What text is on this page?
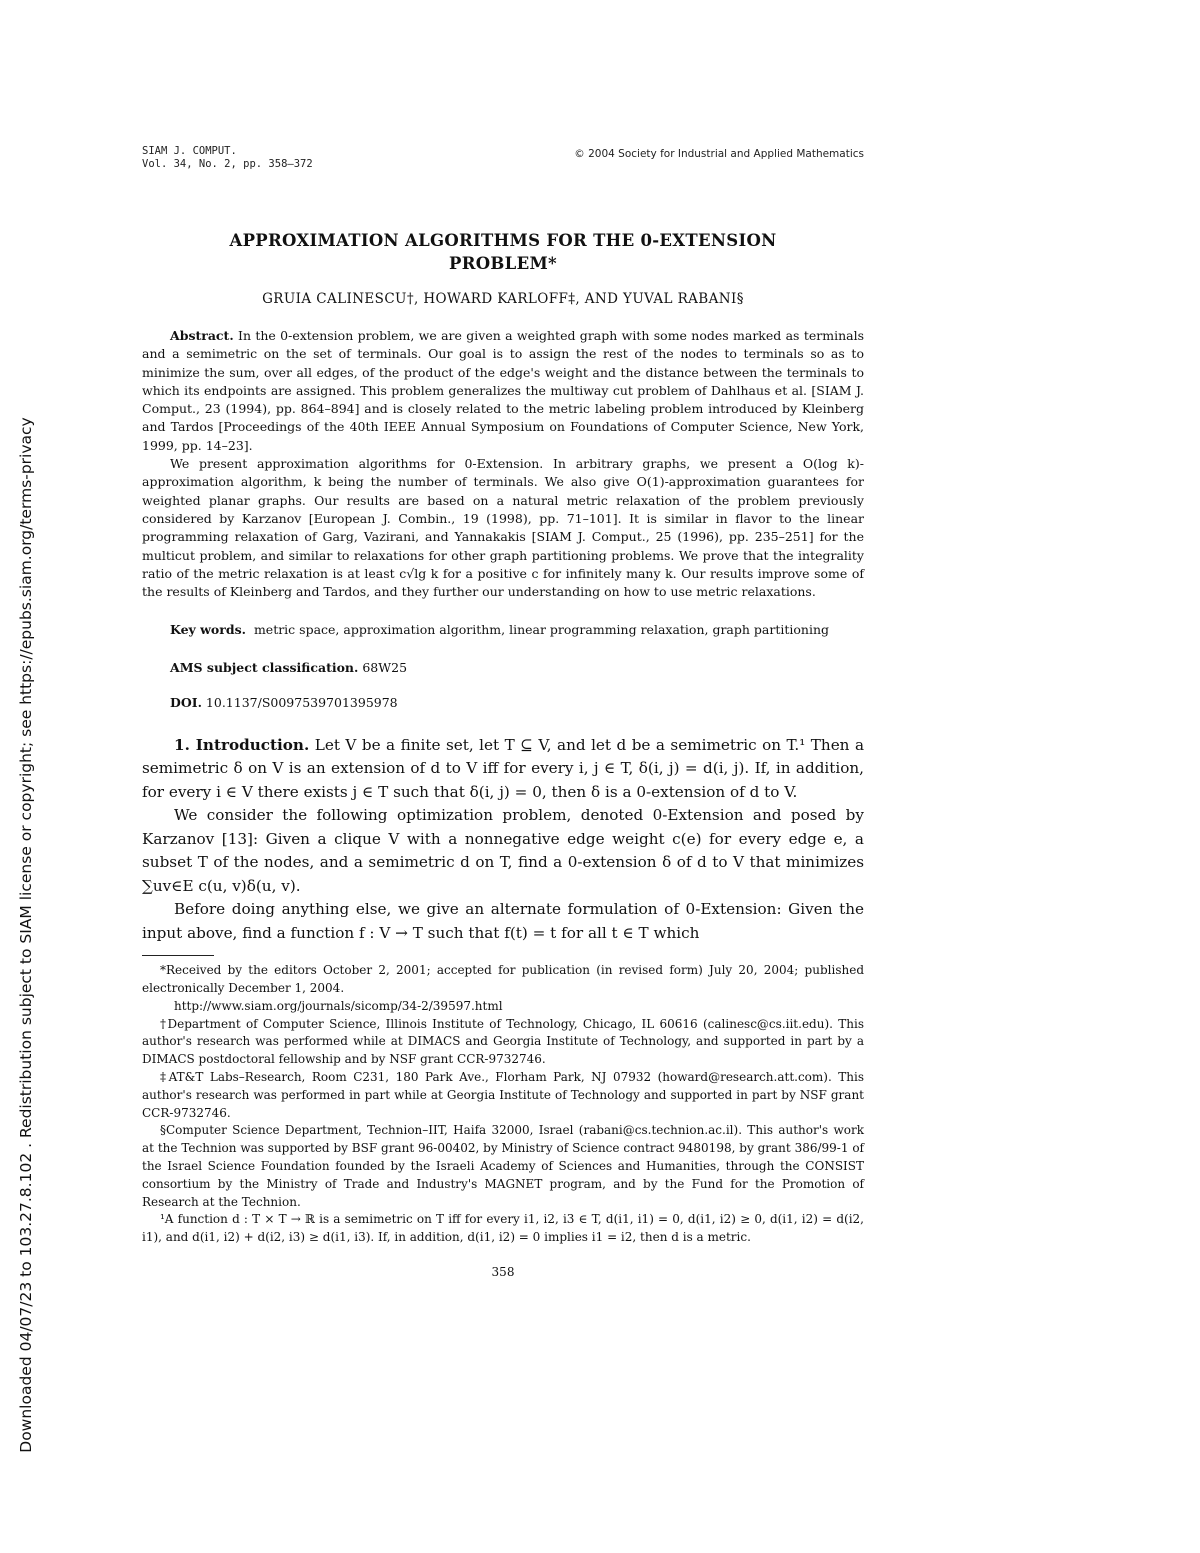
Downloaded 04/07/23 to 103.27.8.102 . Redistribution subject to SIAM license or copyright; see https://epubs.siam.org/terms-privacy
SIAM J. COMPUT.
Vol. 34, No. 2, pp. 358–372
© 2004 Society for Industrial and Applied Mathematics
APPROXIMATION ALGORITHMS FOR THE 0-EXTENSION PROBLEM*
GRUIA CALINESCU†, HOWARD KARLOFF‡, AND YUVAL RABANI§

Abstract. In the 0-extension problem, we are given a weighted graph with some nodes marked as terminals and a semimetric on the set of terminals. Our goal is to assign the rest of the nodes to terminals so as to minimize the sum, over all edges, of the product of the edge's weight and the distance between the terminals to which its endpoints are assigned. This problem generalizes the multiway cut problem of Dahlhaus et al. [SIAM J. Comput., 23 (1994), pp. 864–894] and is closely related to the metric labeling problem introduced by Kleinberg and Tardos [Proceedings of the 40th IEEE Annual Symposium on Foundations of Computer Science, New York, 1999, pp. 14–23].

We present approximation algorithms for 0-Extension. In arbitrary graphs, we present a O(log k)-approximation algorithm, k being the number of terminals. We also give O(1)-approximation guarantees for weighted planar graphs. Our results are based on a natural metric relaxation of the problem previously considered by Karzanov [European J. Combin., 19 (1998), pp. 71–101]. It is similar in flavor to the linear programming relaxation of Garg, Vazirani, and Yannakakis [SIAM J. Comput., 25 (1996), pp. 235–251] for the multicut problem, and similar to relaxations for other graph partitioning problems. We prove that the integrality ratio of the metric relaxation is at least c√lg k for a positive c for infinitely many k. Our results improve some of the results of Kleinberg and Tardos, and they further our understanding on how to use metric relaxations.

Key words. metric space, approximation algorithm, linear programming relaxation, graph partitioning
AMS subject classification. 68W25
DOI. 10.1137/S0097539701395978

1. Introduction. Let V be a finite set, let T ⊆ V, and let d be a semimetric on T.¹ Then a semimetric δ on V is an extension of d to V iff for every i, j ∈ T, δ(i, j) = d(i, j). If, in addition, for every i ∈ V there exists j ∈ T such that δ(i, j) = 0, then δ is a 0-extension of d to V.

We consider the following optimization problem, denoted 0-Extension and posed by Karzanov [13]: Given a clique V with a nonnegative edge weight c(e) for every edge e, a subset T of the nodes, and a semimetric d on T, find a 0-extension δ of d to V that minimizes ∑uv∈E c(u, v)δ(u, v).

Before doing anything else, we give an alternate formulation of 0-Extension: Given the input above, find a function f : V → T such that f(t) = t for all t ∈ T which

*Received by the editors October 2, 2001; accepted for publication (in revised form) July 20, 2004; published electronically December 1, 2004.

http://www.siam.org/journals/sicomp/34-2/39597.html

†Department of Computer Science, Illinois Institute of Technology, Chicago, IL 60616 (calinesc@cs.iit.edu). This author's research was performed while at DIMACS and Georgia Institute of Technology, and supported in part by a DIMACS postdoctoral fellowship and by NSF grant CCR-9732746.

‡AT&T Labs–Research, Room C231, 180 Park Ave., Florham Park, NJ 07932 (howard@research.att.com). This author's research was performed in part while at Georgia Institute of Technology and supported in part by NSF grant CCR-9732746.

§Computer Science Department, Technion–IIT, Haifa 32000, Israel (rabani@cs.technion.ac.il). This author's work at the Technion was supported by BSF grant 96-00402, by Ministry of Science contract 9480198, by grant 386/99-1 of the Israel Science Foundation founded by the Israeli Academy of Sciences and Humanities, through the CONSIST consortium by the Ministry of Trade and Industry's MAGNET program, and by the Fund for the Promotion of Research at the Technion.

¹A function d : T × T → ℝ is a semimetric on T iff for every i1, i2, i3 ∈ T, d(i1, i1) = 0, d(i1, i2) ≥ 0, d(i1, i2) = d(i2, i1), and d(i1, i2) + d(i2, i3) ≥ d(i1, i3). If, in addition, d(i1, i2) = 0 implies i1 = i2, then d is a metric.

358
